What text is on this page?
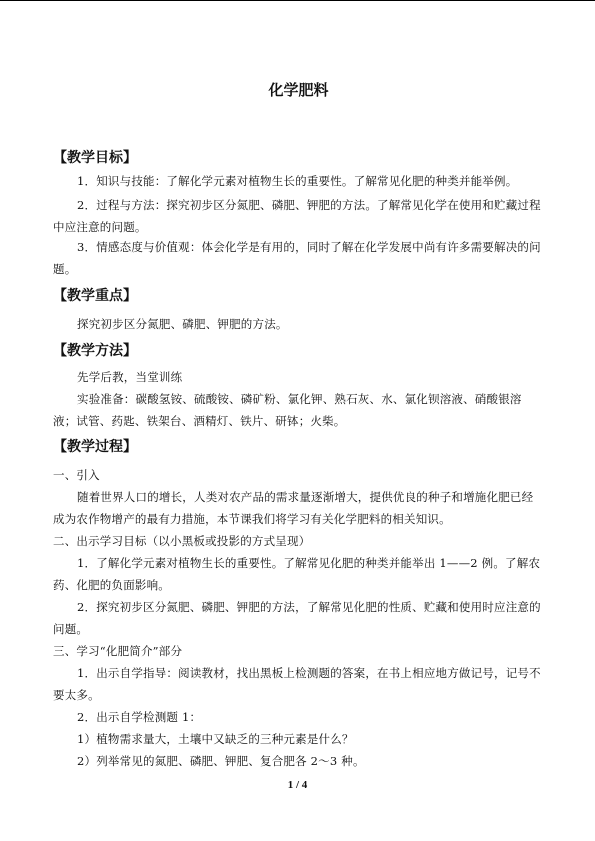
化学肥料
【教学目标】
1．知识与技能：了解化学元素对植物生长的重要性。了解常见化肥的种类并能举例。
2．过程与方法：探究初步区分氮肥、磷肥、钾肥的方法。了解常见化学在使用和贮藏过程中应注意的问题。
3．情感态度与价值观：体会化学是有用的，同时了解在化学发展中尚有许多需要解决的问题。
【教学重点】
探究初步区分氮肥、磷肥、钾肥的方法。
【教学方法】
先学后教，当堂训练
实验准备：碳酸氢铵、硫酸铵、磷矿粉、氯化钾、熟石灰、水、氯化钡溶液、硝酸银溶液；试管、药匙、铁架台、酒精灯、铁片、研钵；火柴。
【教学过程】
一、引入
随着世界人口的增长，人类对农产品的需求量逐渐增大，提供优良的种子和增施化肥已经成为农作物增产的最有力措施，本节课我们将学习有关化学肥料的相关知识。
二、出示学习目标（以小黑板或投影的方式呈现）
1．了解化学元素对植物生长的重要性。了解常见化肥的种类并能举出 1——2 例。了解农药、化肥的负面影响。
2．探究初步区分氮肥、磷肥、钾肥的方法，了解常见化肥的性质、贮藏和使用时应注意的问题。
三、学习“化肥简介”部分
1．出示自学指导：阅读教材，找出黑板上检测题的答案，在书上相应地方做记号，记号不要太多。
2．出示自学检测题 1：
1）植物需求量大，土壤中又缺乏的三种元素是什么？
2）列举常见的氮肥、磷肥、钾肥、复合肥各 2～3 种。
1 / 4
